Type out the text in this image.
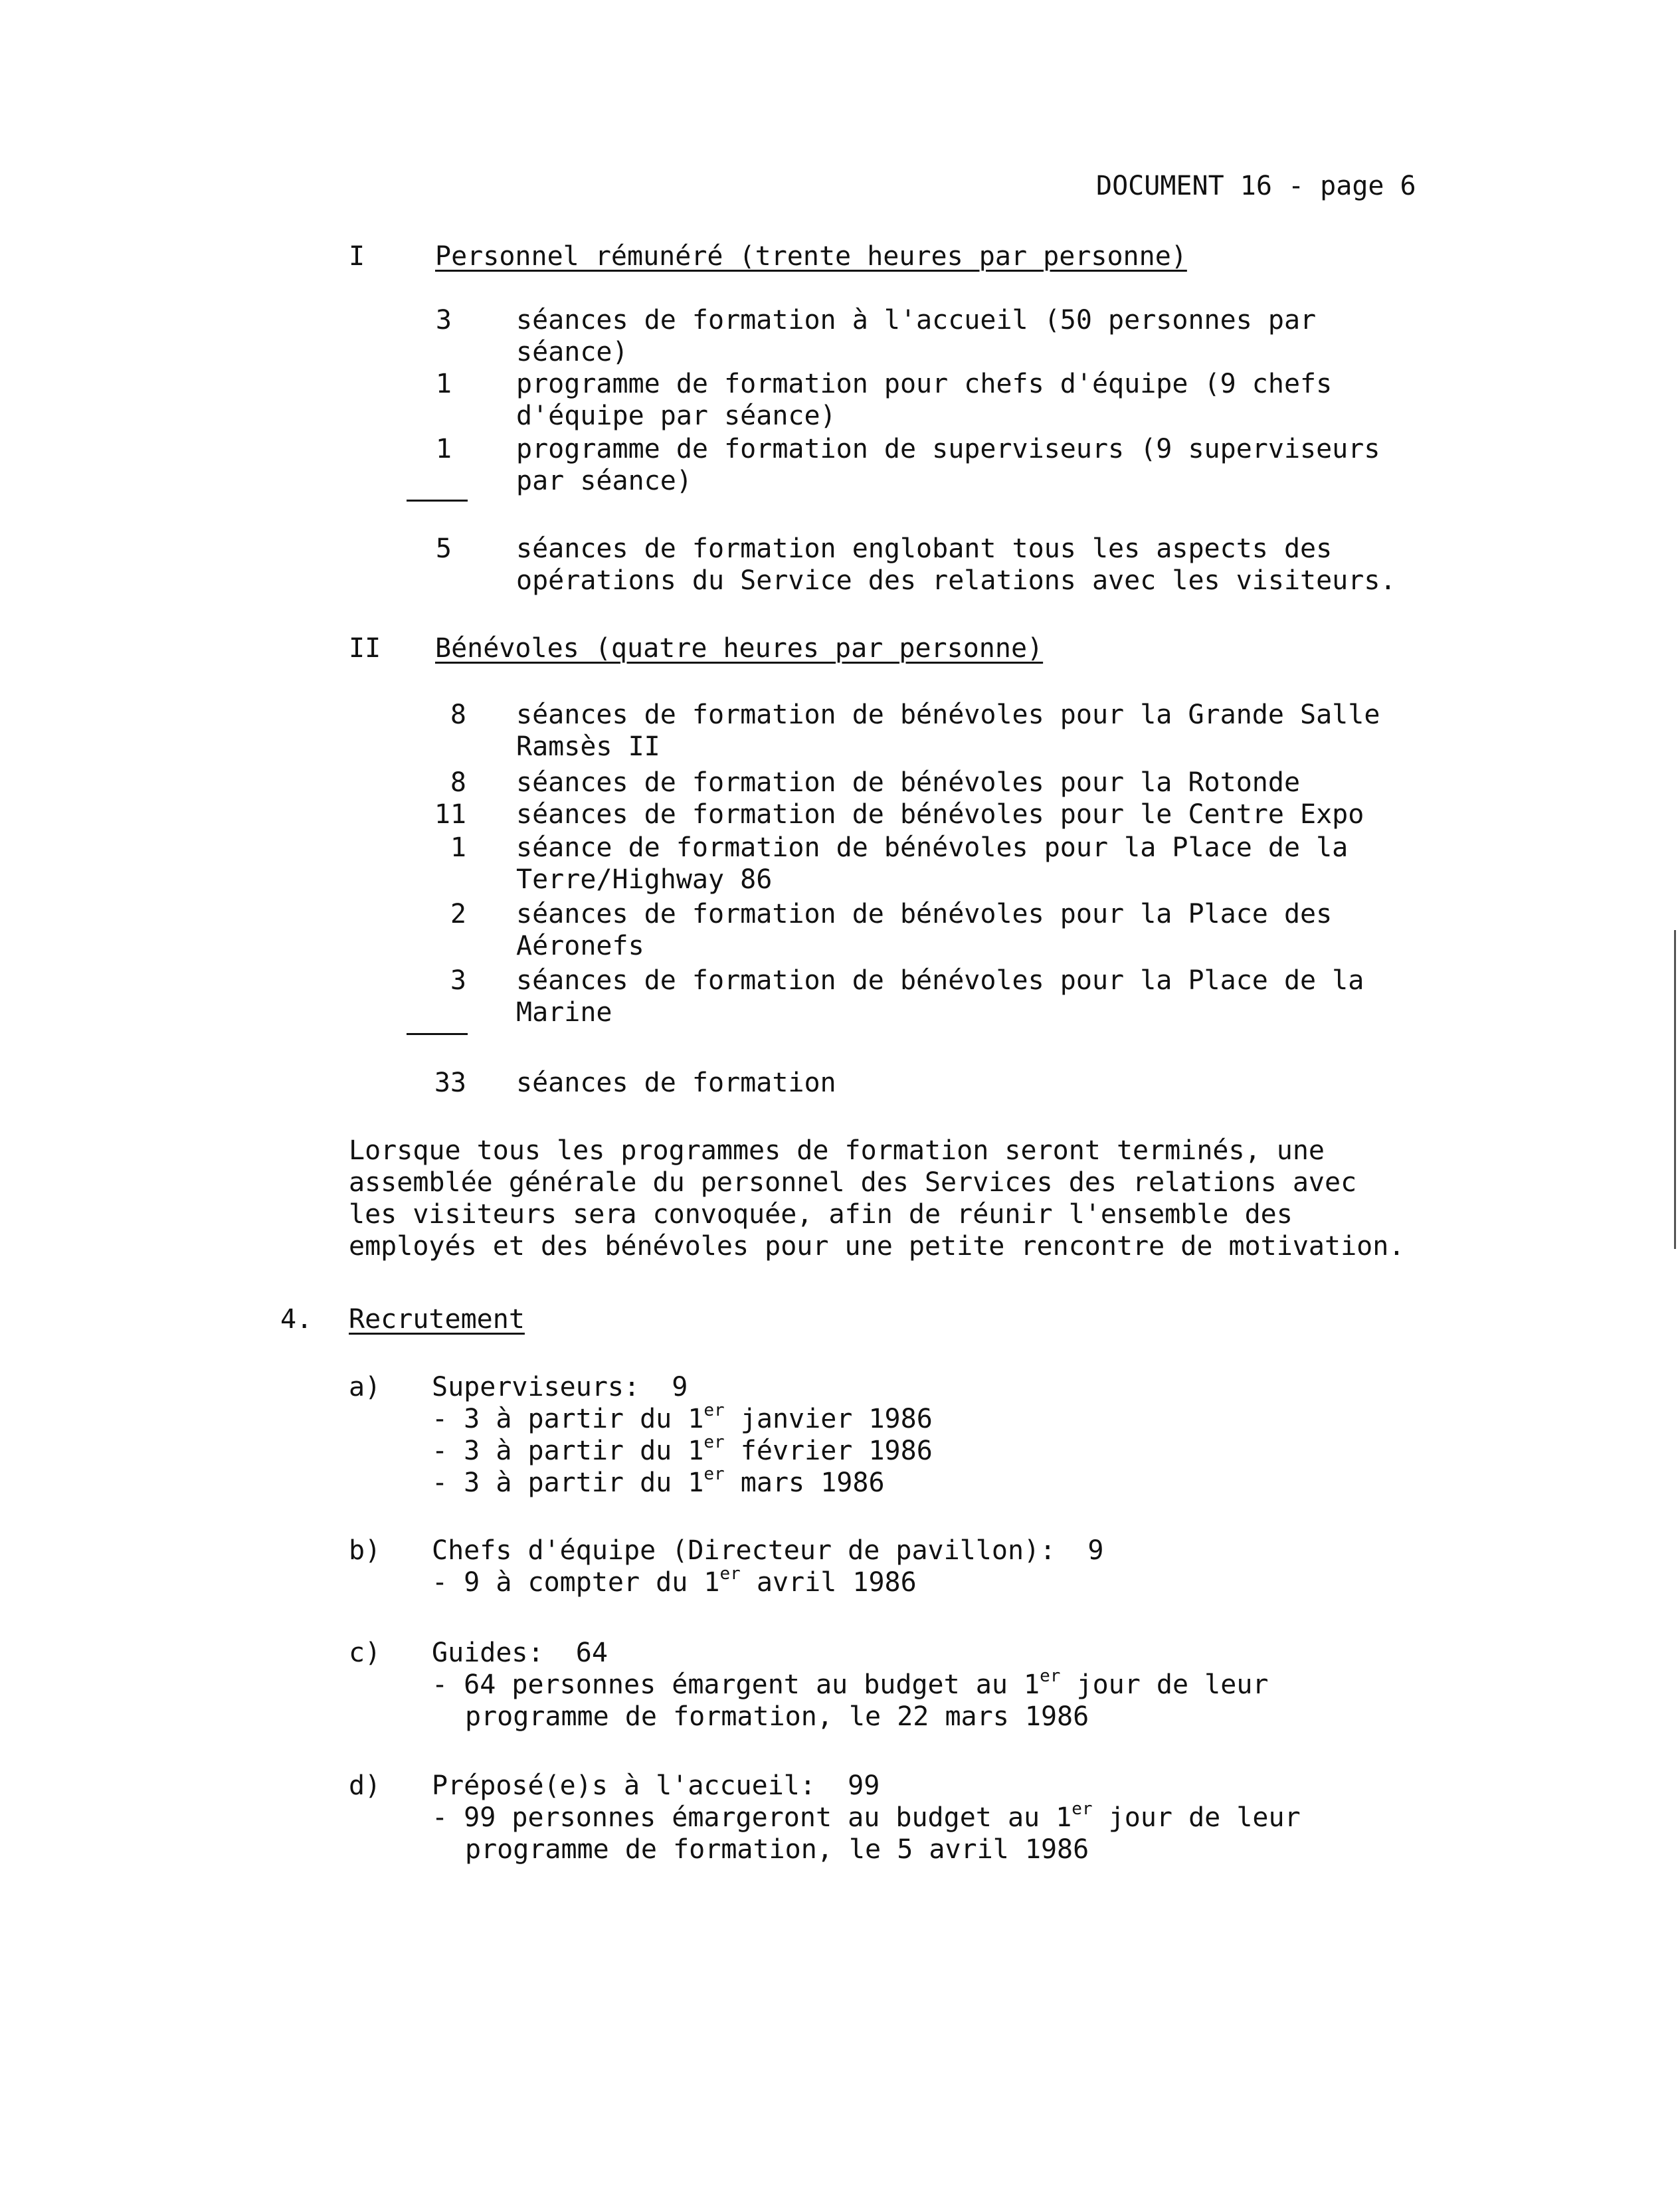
DOCUMENT 16 - page 6
I	Personnel rémunéré (trente heures par personne)
3 séances de formation à l'accueil (50 personnes par
séance)
1 programme de formation pour chefs d'équipe (9 chefs
d'équipe par séance)
1 programme de formation de superviseurs (9 superviseurs
par séance)
5 séances de formation englobant tous les aspects des
opérations du Service des relations avec les visiteurs.
II Bénévoles (quatre heures par personne)
8 séances de formation de bénévoles pour la Grande Salle
Ramsès II
8 séances de formation de bénévoles pour la Rotonde
11 séances de formation de bénévoles pour le Centre Expo
1 séance de formation de bénévoles pour la Place de la
Terre/Highway 86
2 séances de formation de bénévoles pour la Place des
Aéronefs
3 séances de formation de bénévoles pour la Place de la
Marine
33 séances de formation
Lorsque tous les programmes de formation seront terminés, une
assemblée générale du personnel des Services des relations avec
les visiteurs sera convoquée, afin de réunir l'ensemble des
employés et des bénévoles pour une petite rencontre de motivation.
4. Recrutement
a) Superviseurs:  9
- 3 à partir du 1er janvier 1986
- 3 à partir du 1er février 1986
- 3 à partir du 1er mars 1986
b) Chefs d'équipe (Directeur de pavillon):  9
- 9 à compter du 1er avril 1986
c) Guides:  64
- 64 personnes émargent au budget au 1er jour de leur
programme de formation, le 22 mars 1986
d) Préposé(e)s à l'accueil:  99
- 99 personnes émargeront au budget au 1er jour de leur
programme de formation, le 5 avril 1986
